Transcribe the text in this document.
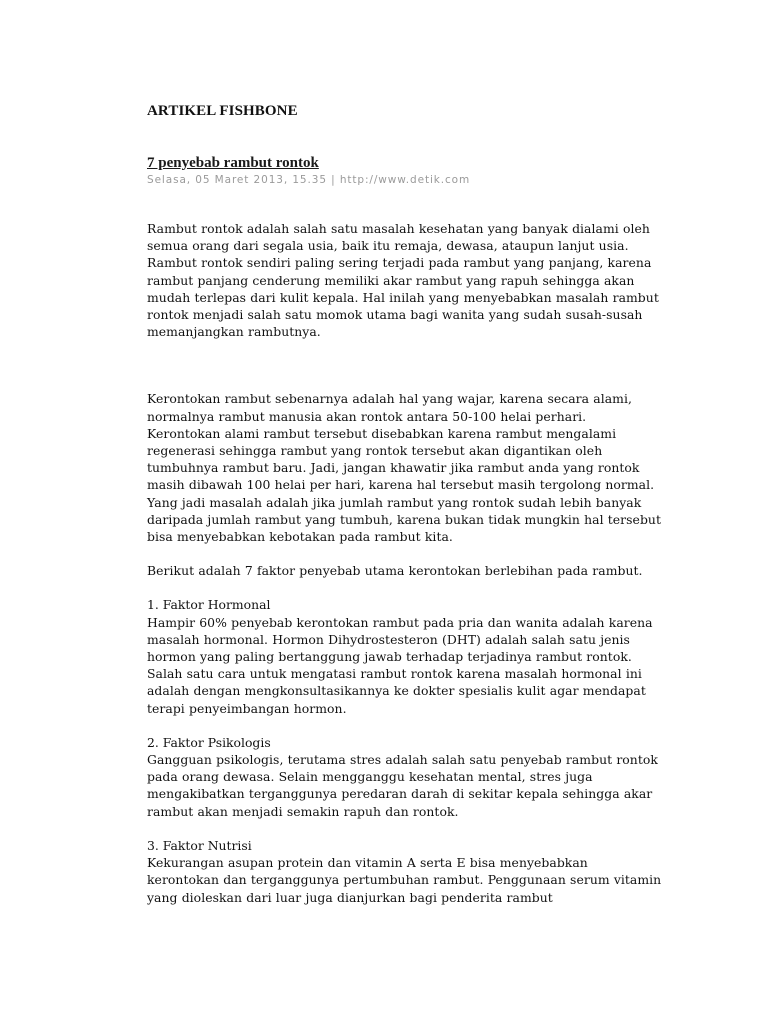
ARTIKEL FISHBONE
7 penyebab rambut rontok
Selasa, 05 Maret 2013, 15.35 | http://www.detik.com

Rambut rontok adalah salah satu masalah kesehatan yang banyak dialami oleh semua orang dari segala usia, baik itu remaja, dewasa, ataupun lanjut usia. Rambut rontok sendiri paling sering terjadi pada rambut yang panjang, karena rambut panjang cenderung memiliki akar rambut yang rapuh sehingga akan mudah terlepas dari kulit kepala. Hal inilah yang menyebabkan masalah rambut rontok menjadi salah satu momok utama bagi wanita yang sudah susah-susah memanjangkan rambutnya.

Kerontokan rambut sebenarnya adalah hal yang wajar, karena secara alami, normalnya rambut manusia akan rontok antara 50-100 helai perhari. Kerontokan alami rambut tersebut disebabkan karena rambut mengalami regenerasi sehingga rambut yang rontok tersebut akan digantikan oleh tumbuhnya rambut baru. Jadi, jangan khawatir jika rambut anda yang rontok masih dibawah 100 helai per hari, karena hal tersebut masih tergolong normal. Yang jadi masalah adalah jika jumlah rambut yang rontok sudah lebih banyak daripada jumlah rambut yang tumbuh, karena bukan tidak mungkin hal tersebut bisa menyebabkan kebotakan pada rambut kita.

Berikut adalah 7 faktor penyebab utama kerontokan berlebihan pada rambut.

1. Faktor Hormonal

Hampir 60% penyebab kerontokan rambut pada pria dan wanita adalah karena masalah hormonal. Hormon Dihydrostesteron (DHT) adalah salah satu jenis hormon yang paling bertanggung jawab terhadap terjadinya rambut rontok. Salah satu cara untuk mengatasi rambut rontok karena masalah hormonal ini adalah dengan mengkonsultasikannya ke dokter spesialis kulit agar mendapat terapi penyeimbangan hormon.

2. Faktor Psikologis

Gangguan psikologis, terutama stres adalah salah satu penyebab rambut rontok pada orang dewasa. Selain mengganggu kesehatan mental, stres juga mengakibatkan terganggunya peredaran darah di sekitar kepala sehingga akar rambut akan menjadi semakin rapuh dan rontok.

3. Faktor Nutrisi

Kekurangan asupan protein dan vitamin A serta E bisa menyebabkan kerontokan dan terganggunya pertumbuhan rambut. Penggunaan serum vitamin yang dioleskan dari luar juga dianjurkan bagi penderita rambut
